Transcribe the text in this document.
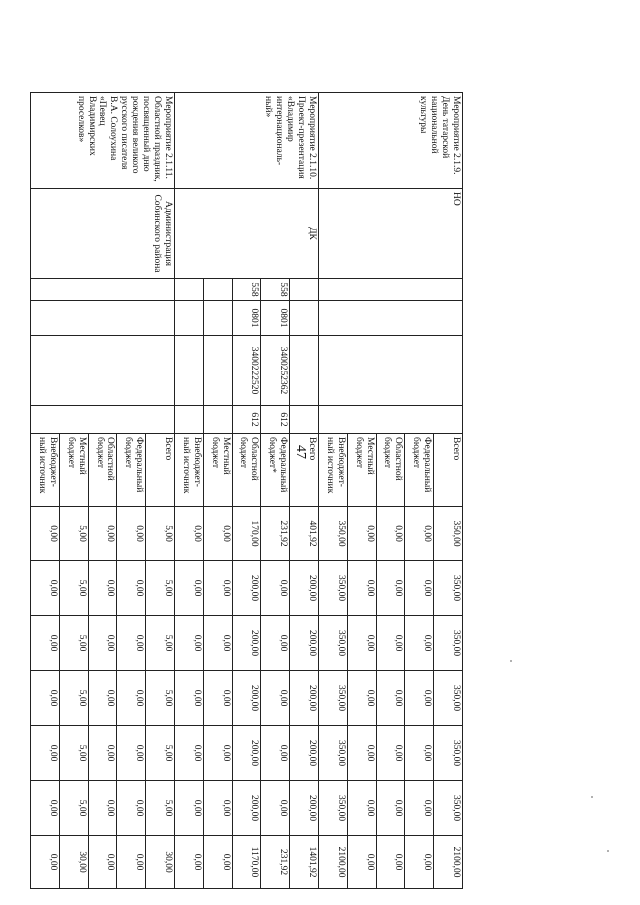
47
Мероприятие 2.1.9. День татарской национальной культуры	НО					Всего	350,00	350,00	350,00	350,00	350,00	350,00	2100,00
						Федеральный бюджет	0,00	0,00	0,00	0,00	0,00	0,00	0,00
						Областной бюджет	0,00	0,00	0,00	0,00	0,00	0,00	0,00
						Местный бюджет	0,00	0,00	0,00	0,00	0,00	0,00	0,00
						Внебюджет-ный источник	350,00	350,00	350,00	350,00	350,00	350,00	2100,00
Мероприятие 2.1.10. Проект-презентация «Владимир интернациональ-ный»	ДК					Всего	401,92	200,00	200,00	200,00	200,00	200,00	1401,92
		558	0801	3400252362	612	Федеральный бюджет*	231,92	0,00	0,00	0,00	0,00	0,00	231,92
		558	0801	3400222520	612	Областной бюджет	170,00	200,00	200,00	200,00	200,00	200,00	1170,00
						Местный бюджет	0,00	0,00	0,00	0,00	0,00	0,00	0,00
						Внебюджет-ный источник	0,00	0,00	0,00	0,00	0,00	0,00	0,00
Мероприятие 2.1.11. Областной праздник, посвященный дню рождения великого русского писателя В.А. Солоухина «Певец Владимирских проселков»	Администрация Собинского района					Всего	5,00	5,00	5,00	5,00	5,00	5,00	30,00
						Федеральный бюджет	0,00	0,00	0,00	0,00	0,00	0,00	0,00
						Областной бюджет	0,00	0,00	0,00	0,00	0,00	0,00	0,00
						Местный бюджет	5,00	5,00	5,00	5,00	5,00	5,00	30,00
						Внебюджет-ный источник	0,00	0,00	0,00	0,00	0,00	0,00	0,00
